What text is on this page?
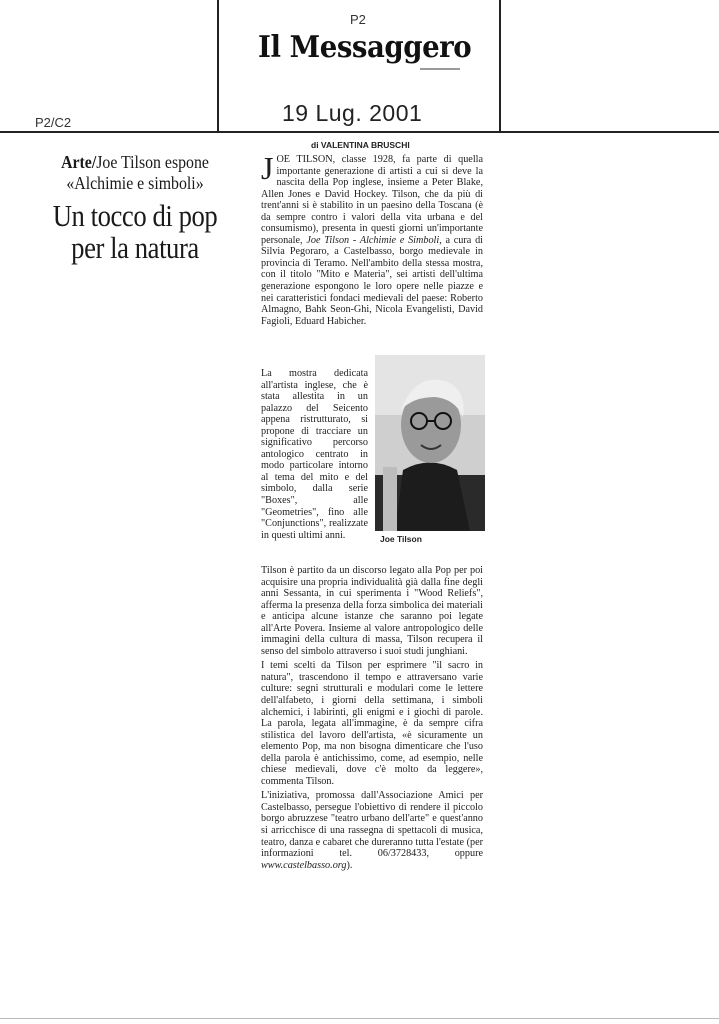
P2
Il Messaggero
19 Lug. 2001
P2/C2
di VALENTINA BRUSCHI
Arte/Joe Tilson espone
«Alchimie e simboli»
Un tocco di pop
per la natura

JOE TILSON, classe 1928, fa parte di quella importante generazione di artisti a cui si deve la nascita della Pop inglese, insieme a Peter Blake, Allen Jones e David Hockey. Tilson, che da più di trent'anni si è stabilito in un paesino della Toscana (è da sempre contro i valori della vita urbana e del consumismo), presenta in questi giorni un'importante personale, Joe Tilson - Alchimie e Simboli, a cura di Silvia Pegoraro, a Castelbasso, borgo medievale in provincia di Teramo. Nell'ambito della stessa mostra, con il titolo "Mito e Materia", sei artisti dell'ultima generazione espongono le loro opere nelle piazze e nei caratteristici fondaci medievali del paese: Roberto Almagno, Bahk Seon-Ghi, Nicola Evangelisti, David Fagioli, Eduard Habicher.

La mostra dedicata all'artista inglese, che è stata allestita in un palazzo del Seicento appena ristrutturato, si propone di tracciare un significativo percorso antologico centrato in modo particolare intorno al tema del mito e del simbolo, dalla serie "Boxes", alle "Geometries", fino alle "Conjunctions", realizzate in questi ultimi anni.	Joe Tilson

Tilson è partito da un discorso legato alla Pop per poi acquisire una propria individualità già dalla fine degli anni Sessanta, in cui sperimenta i "Wood Reliefs", afferma la presenza della forza simbolica dei materiali e anticipa alcune istanze che saranno poi legate all'Arte Povera. Insieme al valore antropologico delle immagini della cultura di massa, Tilson recupera il senso del simbolo attraverso i suoi studi junghiani.

I temi scelti da Tilson per esprimere "il sacro in natura", trascendono il tempo e attraversano varie culture: segni strutturali e modulari come le lettere dell'alfabeto, i giorni della settimana, i simboli alchemici, i labirinti, gli enigmi e i giochi di parole. La parola, legata all'immagine, è da sempre cifra stilistica del lavoro dell'artista, «è sicuramente un elemento Pop, ma non bisogna dimenticare che l'uso della parola è antichissimo, come, ad esempio, nelle chiese medievali, dove c'è molto da leggere», commenta Tilson.

L'iniziativa, promossa dall'Associazione Amici per Castelbasso, persegue l'obiettivo di rendere il piccolo borgo abruzzese "teatro urbano dell'arte" e quest'anno si arricchisce di una rassegna di spettacoli di musica, teatro, danza e cabaret che dureranno tutta l'estate (per informazioni tel. 06/3728433, oppure www.castelbasso.org).
